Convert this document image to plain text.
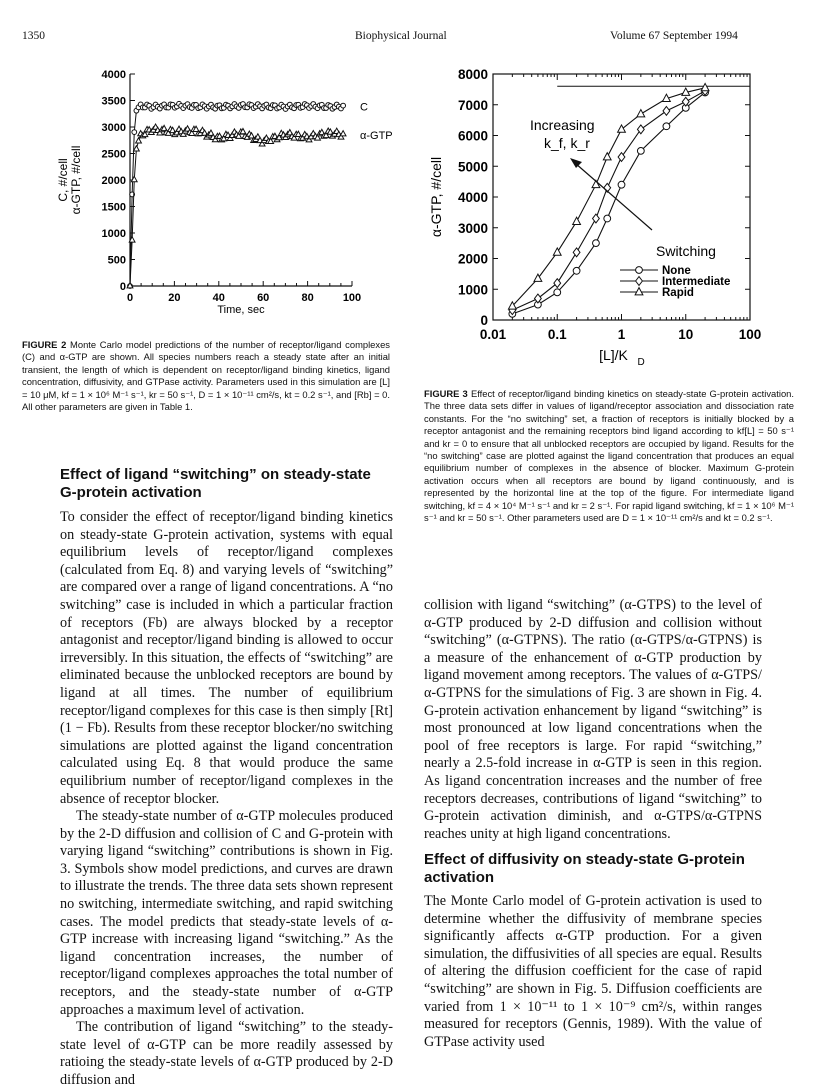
1350	Biophysical Journal	Volume 67 September 1994
0
500
1000
1500
2000
2500
3000
3500
4000
0	20	40	60	80	100
Time, sec
C, #/cell α-GTP, #/cell
C
α-GTP
0
1000
2000
3000
4000
5000
6000
7000
8000
0.01	0.1	1	10	100
[L]/K D
α-GTP, #/cell
Increasing
k_f, k_r
Switching
None
Intermediate
Rapid
FIGURE 2 Monte Carlo model predictions of the number of receptor/ligand complexes (C) and α-GTP are shown. All species numbers reach a steady state after an initial transient, the length of which is dependent on receptor/ligand binding kinetics, ligand concentration, diffusivity, and GTPase activity. Parameters used in this simulation are [L] = 10 μM, kf = 1 × 10⁶ M⁻¹ s⁻¹, kr = 50 s⁻¹, D = 1 × 10⁻¹¹ cm²/s, kt = 0.2 s⁻¹, and [Rb] = 0. All other parameters are given in Table 1.
FIGURE 3 Effect of receptor/ligand binding kinetics on steady-state G-protein activation. The three data sets differ in values of ligand/receptor association and dissociation rate constants. For the “no switching” set, a fraction of receptors is initially blocked by a receptor antagonist and the remaining receptors bind ligand according to kf[L] = 50 s⁻¹ and kr = 0 to ensure that all unblocked receptors are occupied by ligand. Results for the “no switching” case are plotted against the ligand concentration that produces an equal equilibrium number of complexes in the absence of blocker. Maximum G-protein activation occurs when all receptors are bound by ligand continuously, and is represented by the horizontal line at the top of the figure. For intermediate ligand switching, kf = 4 × 10⁴ M⁻¹ s⁻¹ and kr = 2 s⁻¹. For rapid ligand switching, kf = 1 × 10⁶ M⁻¹ s⁻¹ and kr = 50 s⁻¹. Other parameters used are D = 1 × 10⁻¹¹ cm²/s and kt = 0.2 s⁻¹.
Effect of ligand “switching” on steady-state G-protein activation

To consider the effect of receptor/ligand binding kinetics on steady-state G-protein activation, systems with equal equilibrium levels of receptor/ligand complexes (calculated from Eq. 8) and varying levels of “switching” are compared over a range of ligand concentrations. A “no switching” case is included in which a particular fraction of receptors (Fb) are always blocked by a receptor antagonist and receptor/ligand binding is allowed to occur irreversibly. In this situation, the effects of “switching” are eliminated because the unblocked receptors are bound by ligand at all times. The number of equilibrium receptor/ligand complexes for this case is then simply [Rt](1 − Fb). Results from these receptor blocker/no switching simulations are plotted against the ligand concentration calculated using Eq. 8 that would produce the same equilibrium number of receptor/ligand complexes in the absence of receptor blocker.

The steady-state number of α-GTP molecules produced by the 2-D diffusion and collision of C and G-protein with varying ligand “switching” contributions is shown in Fig. 3. Symbols show model predictions, and curves are drawn to illustrate the trends. The three data sets shown represent no switching, intermediate switching, and rapid switching cases. The model predicts that steady-state levels of α-GTP increase with increasing ligand “switching.” As the ligand concentration increases, the number of receptor/ligand complexes approaches the total number of receptors, and the steady-state number of α-GTP approaches a maximum level of activation.

The contribution of ligand “switching” to the steady-state level of α-GTP can be more readily assessed by ratioing the steady-state levels of α-GTP produced by 2-D diffusion and

collision with ligand “switching” (α-GTPS) to the level of α-GTP produced by 2-D diffusion and collision without “switching” (α-GTPNS). The ratio (α-GTPS/α-GTPNS) is a measure of the enhancement of α-GTP production by ligand movement among receptors. The values of α-GTPS/α-GTPNS for the simulations of Fig. 3 are shown in Fig. 4. G-protein activation enhancement by ligand “switching” is most pronounced at low ligand concentrations when the pool of free receptors is large. For rapid “switching,” nearly a 2.5-fold increase in α-GTP is seen in this region. As ligand concentration increases and the number of free receptors decreases, contributions of ligand “switching” to G-protein activation diminish, and α-GTPS/α-GTPNS reaches unity at high ligand concentrations.

Effect of diffusivity on steady-state G-protein activation

The Monte Carlo model of G-protein activation is used to determine whether the diffusivity of membrane species significantly affects α-GTP production. For a given simulation, the diffusivities of all species are equal. Results of altering the diffusion coefficient for the case of rapid “switching” are shown in Fig. 5. Diffusion coefficients are varied from 1 × 10⁻¹¹ to 1 × 10⁻⁹ cm²/s, within ranges measured for receptors (Gennis, 1989). With the value of GTPase activity used
